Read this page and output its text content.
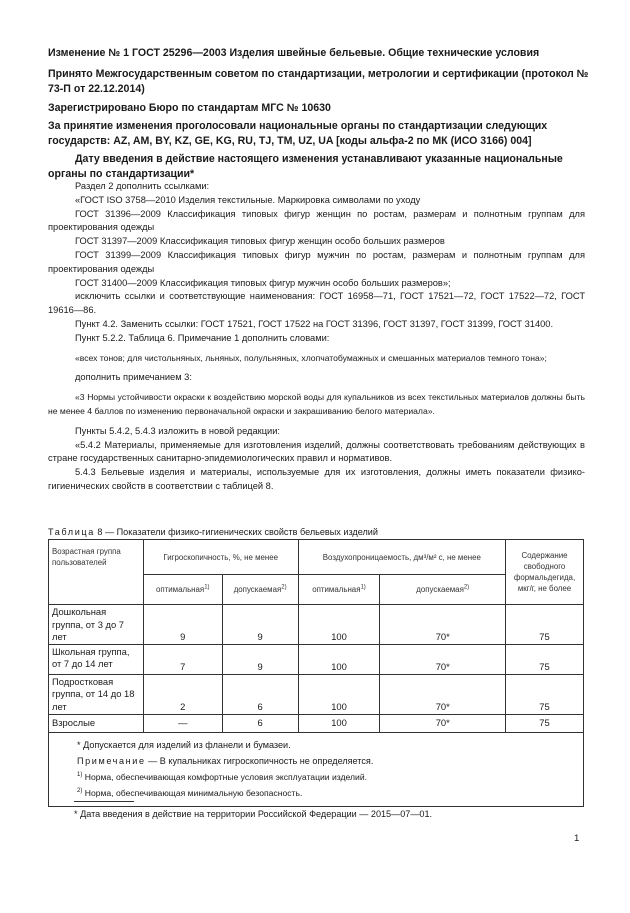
Изменение № 1 ГОСТ 25296—2003 Изделия швейные бельевые. Общие технические условия

Принято Межгосударственным советом по стандартизации, метрологии и сертификации (протокол № 73-П от 22.12.2014)

Зарегистрировано Бюро по стандартам МГС № 10630

За принятие изменения проголосовали национальные органы по стандартизации следующих государств: AZ, AM, BY, KZ, GE, KG, RU, TJ, TM, UZ, UA [коды альфа-2 по МК (ИСО 3166) 004]

Дату введения в действие настоящего изменения устанавливают указанные национальные органы по стандартизации*

Раздел 2 дополнить ссылками:

«ГОСТ ISO 3758—2010 Изделия текстильные. Маркировка символами по уходу

ГОСТ 31396—2009 Классификация типовых фигур женщин по ростам, размерам и полнотным группам для проектирования одежды

ГОСТ 31397—2009 Классификация типовых фигур женщин особо больших размеров

ГОСТ 31399—2009 Классификация типовых фигур мужчин по ростам, размерам и полнотным группам для проектирования одежды

ГОСТ 31400—2009 Классификация типовых фигур мужчин особо больших размеров»;

исключить ссылки и соответствующие наименования: ГОСТ 16958—71, ГОСТ 17521—72, ГОСТ 17522—72, ГОСТ 19616—86.

Пункт 4.2. Заменить ссылки: ГОСТ 17521, ГОСТ 17522 на ГОСТ 31396, ГОСТ 31397, ГОСТ 31399, ГОСТ 31400.

Пункт 5.2.2. Таблица 6. Примечание 1 дополнить словами:

«всех тонов; для чистольняных, льняных, полульняных, хлопчатобумажных и смешанных материалов темного тона»;

дополнить примечанием 3:

«3 Нормы устойчивости окраски к воздействию морской воды для купальников из всех текстильных материалов должны быть не менее 4 баллов по изменению первоначальной окраски и закрашиванию белого материала».

Пункты 5.4.2, 5.4.3 изложить в новой редакции:

«5.4.2 Материалы, применяемые для изготовления изделий, должны соответствовать требованиям действующих в стране государственных санитарно-эпидемиологических правил и нормативов.

5.4.3 Бельевые изделия и материалы, используемые для их изготовления, должны иметь показатели физико-гигиенических свойств в соответствии с таблицей 8.

Таблица 8 — Показатели физико-гигиенических свойств бельевых изделий
Возрастная группа пользователей	Гигроскопичность, %, не менее		Воздухопроницаемость, дм³/м² с, не менее		Содержание свободного формальдегида, мкг/г, не более
	оптимальная$^{1)}$	допускаемая$^{2)}$	оптимальная$^{1)}$	допускаемая$^{2)}$
Дошкольная группа, от 3 до 7 лет	9	9	100	70*	75
Школьная группа, от 7 до 14 лет	7	9	100	70*	75
Подростковая группа, от 14 до 18 лет	2	6	100	70*	75
Взрослые	—	6	100	70*	75

* Допускается для изделий из фланели и бумазеи.

Примечание — В купальниках гигроскопичность не определяется.

$^{1)}$ Норма, обеспечивающая комфортные условия эксплуатации изделий.

$^{2)}$ Норма, обеспечивающая минимальную безопасность.					

* Дата введения в действие на территории Российской Федерации — 2015—07—01.
1
